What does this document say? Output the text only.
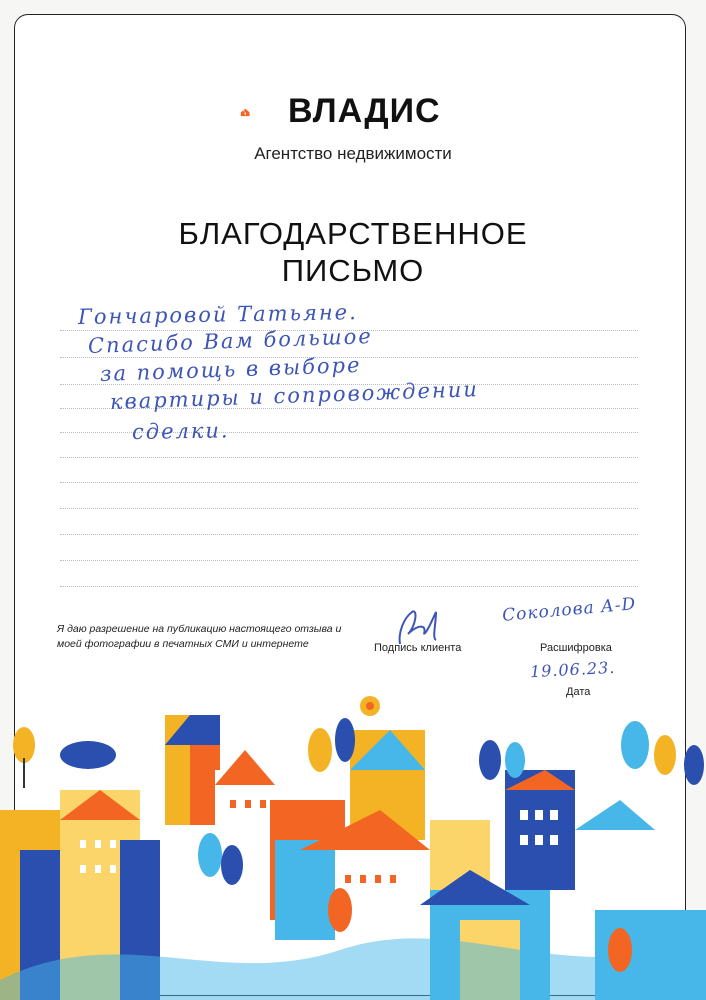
1 ВЛАДИС
Агентство недвижимости
БЛАГОДАРСТВЕННОЕ
ПИСЬМО
Гончаровой Татьяне.
Спасибо Вам большое
за помощь в выборе
квартиры и сопровождении
сделки.
Я даю разрешение на публикацию настоящего отзыва и моей фотографии в печатных СМИ и интернете	Подпись клиента
Соколова А-D
Расшифровка
19.06.23.
Дата
